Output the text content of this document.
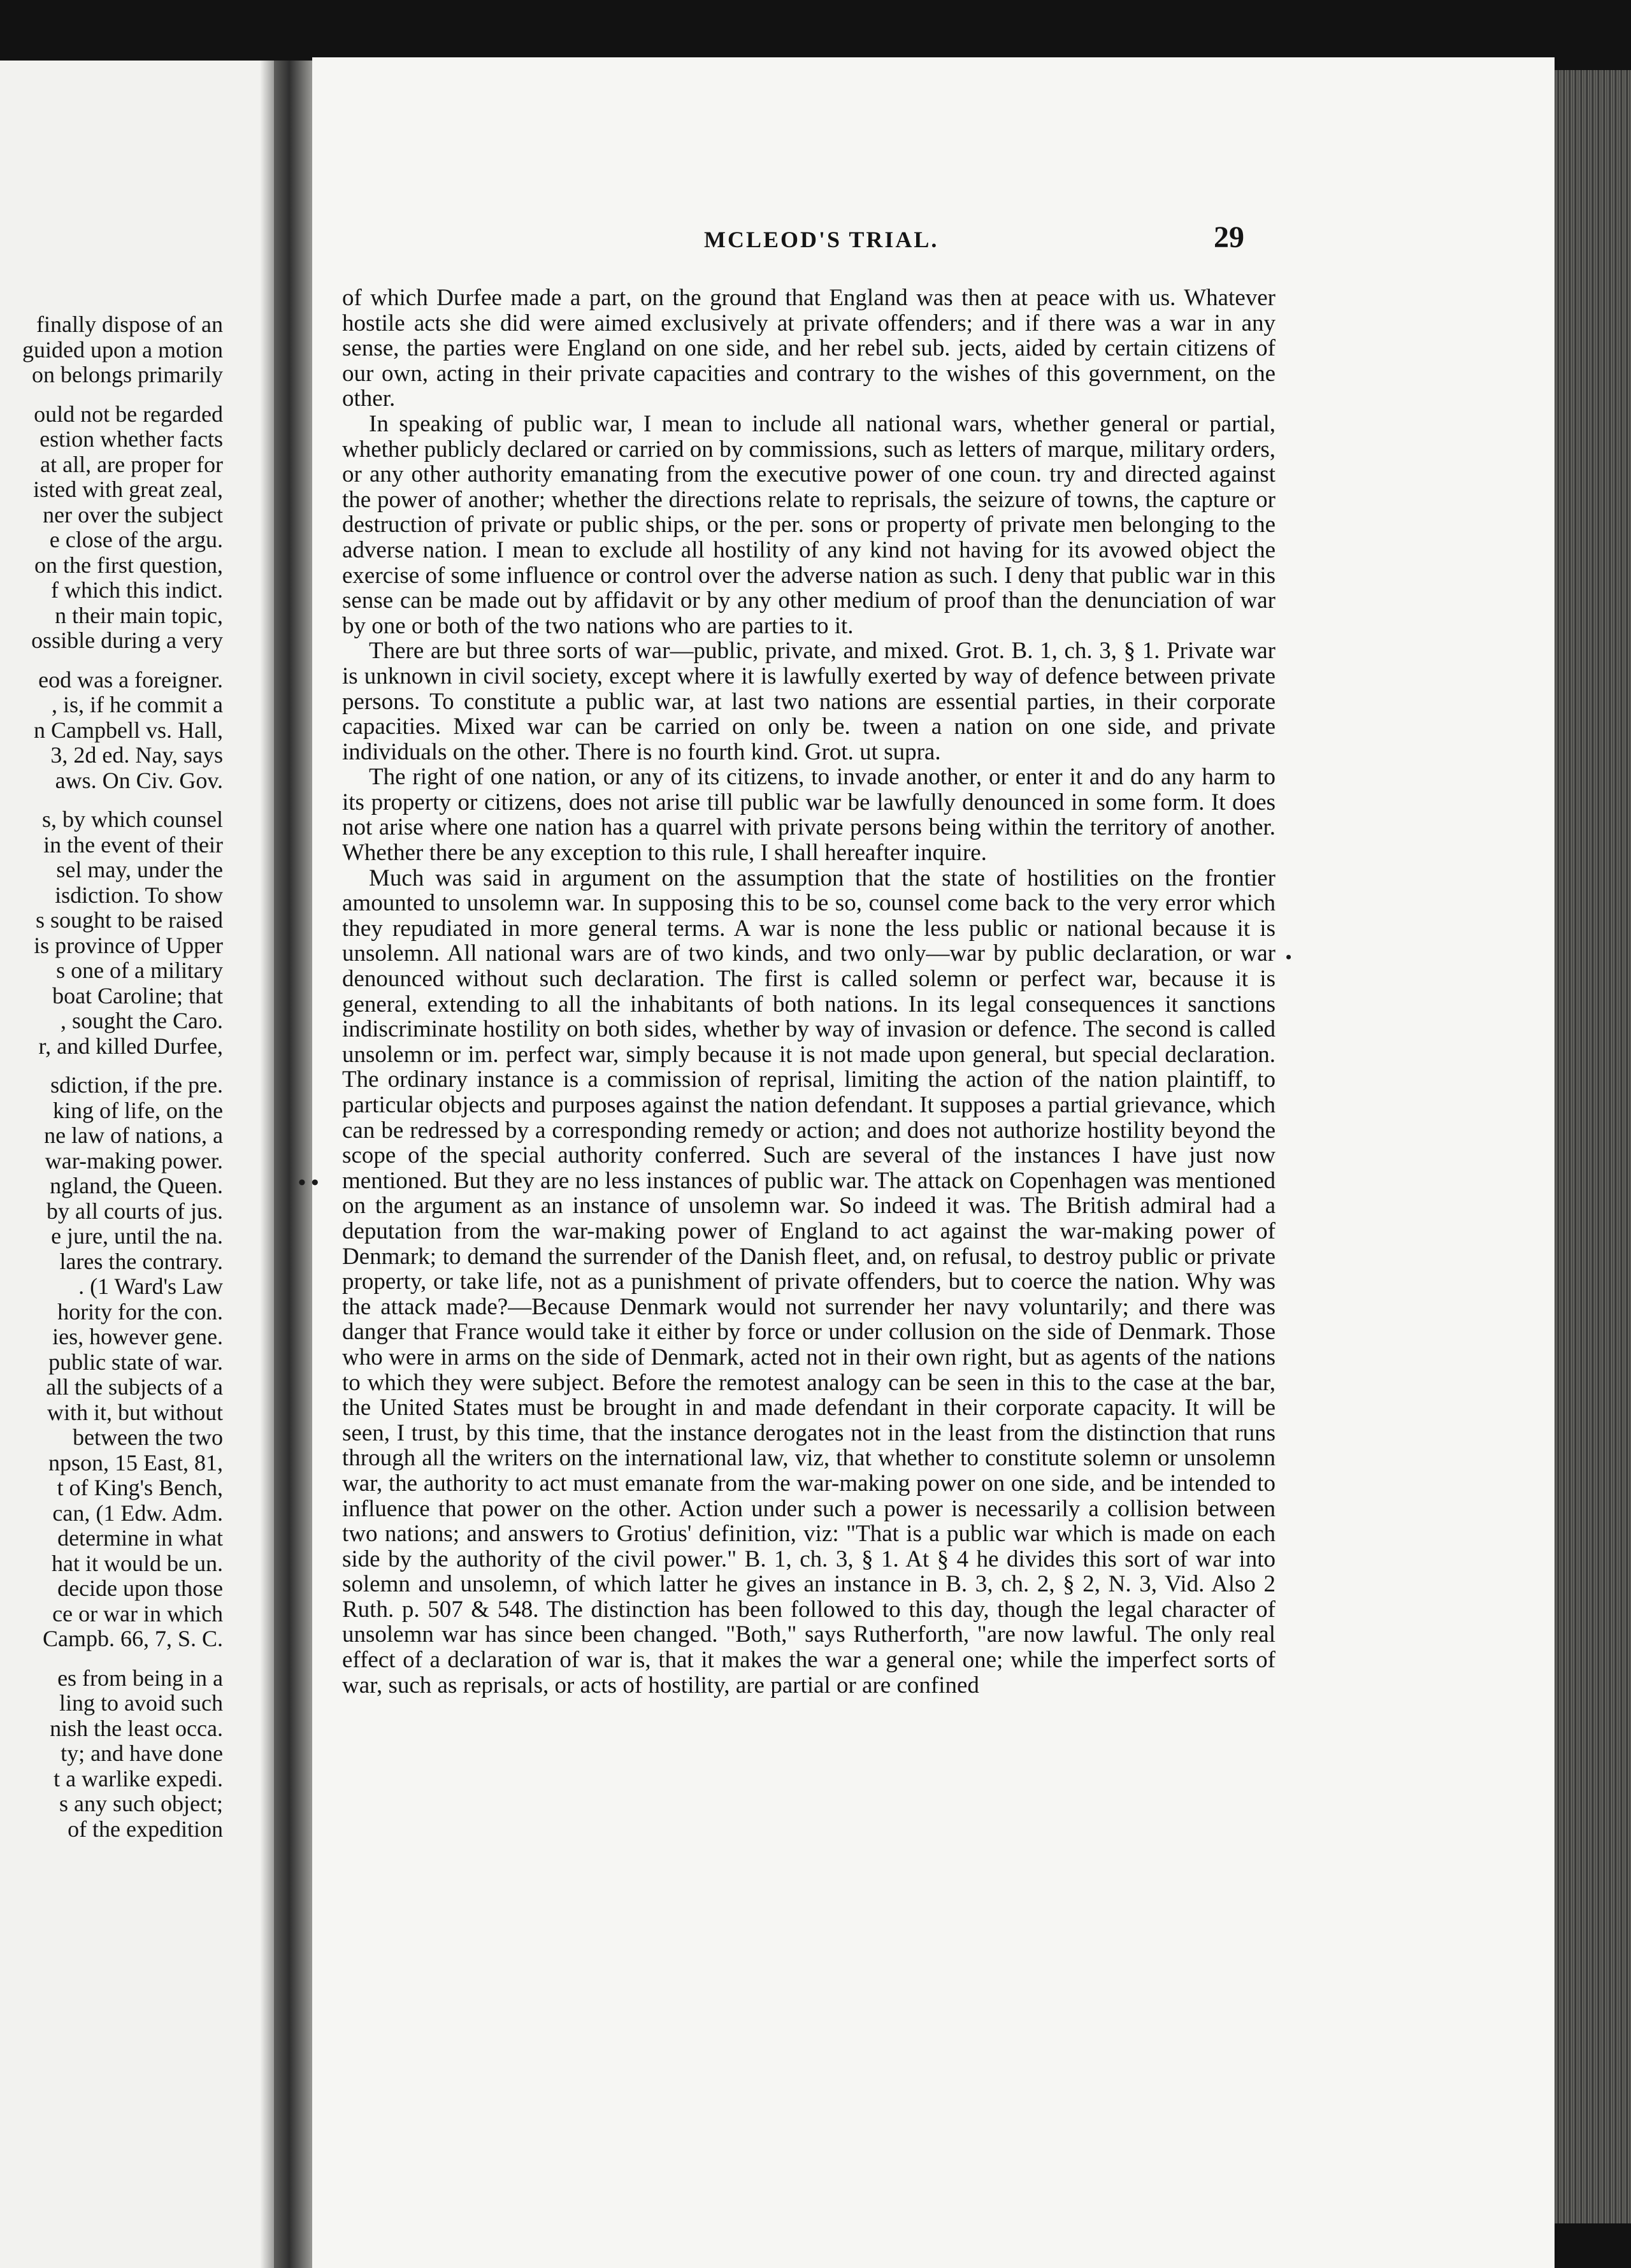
finally dispose of an
guided upon a motion
on belongs primarily
ould not be regarded
estion whether facts
at all, are proper for
isted with great zeal,
ner over the subject
e close of the argu.
on the first question,
f which this indict.
n their main topic,
ossible during a very
eod was a foreigner.
, is, if he commit a
n Campbell vs. Hall,
3, 2d ed. Nay, says
aws. On Civ. Gov.
s, by which counsel
in the event of their
sel may, under the
isdiction. To show
s sought to be raised
is province of Upper
s one of a military
boat Caroline; that
, sought the Caro.
r, and killed Durfee,
sdiction, if the pre.
king of life, on the
ne law of nations, a
war-making power.
ngland, the Queen.
by all courts of jus.
e jure, until the na.
lares the contrary.
. (1 Ward's Law
hority for the con.
ies, however gene.
public state of war.
all the subjects of a
with it, but without
between the two
npson, 15 East, 81,
t of King's Bench,
can, (1 Edw. Adm.
determine in what
hat it would be un.
decide upon those
ce or war in which
Campb. 66, 7, S. C.
es from being in a
ling to avoid such
nish the least occa.
ty; and have done
t a warlike expedi.
s any such object;
of the expedition
MCLEOD'S TRIAL.	29

of which Durfee made a part, on the ground that England was then at peace with us. Whatever hostile acts she did were aimed exclusively at private offenders; and if there was a war in any sense, the parties were England on one side, and her rebel sub. jects, aided by certain citizens of our own, acting in their private capacities and contrary to the wishes of this government, on the other.

In speaking of public war, I mean to include all national wars, whether general or partial, whether publicly declared or carried on by commissions, such as letters of marque, military orders, or any other authority emanating from the executive power of one coun. try and directed against the power of another; whether the directions relate to reprisals, the seizure of towns, the capture or destruction of private or public ships, or the per. sons or property of private men belonging to the adverse nation. I mean to exclude all hostility of any kind not having for its avowed object the exercise of some influence or control over the adverse nation as such. I deny that public war in this sense can be made out by affidavit or by any other medium of proof than the denunciation of war by one or both of the two nations who are parties to it.

There are but three sorts of war—public, private, and mixed. Grot. B. 1, ch. 3, § 1. Private war is unknown in civil society, except where it is lawfully exerted by way of defence between private persons. To constitute a public war, at last two nations are essential parties, in their corporate capacities. Mixed war can be carried on only be. tween a nation on one side, and private individuals on the other. There is no fourth kind. Grot. ut supra.

The right of one nation, or any of its citizens, to invade another, or enter it and do any harm to its property or citizens, does not arise till public war be lawfully denounced in some form. It does not arise where one nation has a quarrel with private persons being within the territory of another. Whether there be any exception to this rule, I shall hereafter inquire.

Much was said in argument on the assumption that the state of hostilities on the frontier amounted to unsolemn war. In supposing this to be so, counsel come back to the very error which they repudiated in more general terms. A war is none the less public or national because it is unsolemn. All national wars are of two kinds, and two only—war by public declaration, or war denounced without such declaration. The first is called solemn or perfect war, because it is general, extending to all the inhabitants of both nations. In its legal consequences it sanctions indiscriminate hostility on both sides, whether by way of invasion or defence. The second is called unsolemn or im. perfect war, simply because it is not made upon general, but special declaration. The ordinary instance is a commission of reprisal, limiting the action of the nation plaintiff, to particular objects and purposes against the nation defendant. It supposes a partial grievance, which can be redressed by a corresponding remedy or action; and does not authorize hostility beyond the scope of the special authority conferred. Such are several of the instances I have just now mentioned. But they are no less instances of public war. The attack on Copenhagen was mentioned on the argument as an instance of unsolemn war. So indeed it was. The British admiral had a deputation from the war-making power of England to act against the war-making power of Denmark; to demand the surrender of the Danish fleet, and, on refusal, to destroy public or private property, or take life, not as a punishment of private offenders, but to coerce the nation. Why was the attack made?—Because Denmark would not surrender her navy voluntarily; and there was danger that France would take it either by force or under collusion on the side of Denmark. Those who were in arms on the side of Denmark, acted not in their own right, but as agents of the nations to which they were subject. Before the remotest analogy can be seen in this to the case at the bar, the United States must be brought in and made defendant in their corporate capacity. It will be seen, I trust, by this time, that the instance derogates not in the least from the distinction that runs through all the writers on the international law, viz, that whether to constitute solemn or unsolemn war, the authority to act must emanate from the war-making power on one side, and be intended to influence that power on the other. Action under such a power is necessarily a collision between two nations; and answers to Grotius' definition, viz: "That is a public war which is made on each side by the authority of the civil power." B. 1, ch. 3, § 1. At § 4 he divides this sort of war into solemn and unsolemn, of which latter he gives an instance in B. 3, ch. 2, § 2, N. 3, Vid. Also 2 Ruth. p. 507 & 548. The distinction has been followed to this day, though the legal character of unsolemn war has since been changed. "Both," says Rutherforth, "are now lawful. The only real effect of a declaration of war is, that it makes the war a general one; while the imperfect sorts of war, such as reprisals, or acts of hostility, are partial or are confined

• •
•
